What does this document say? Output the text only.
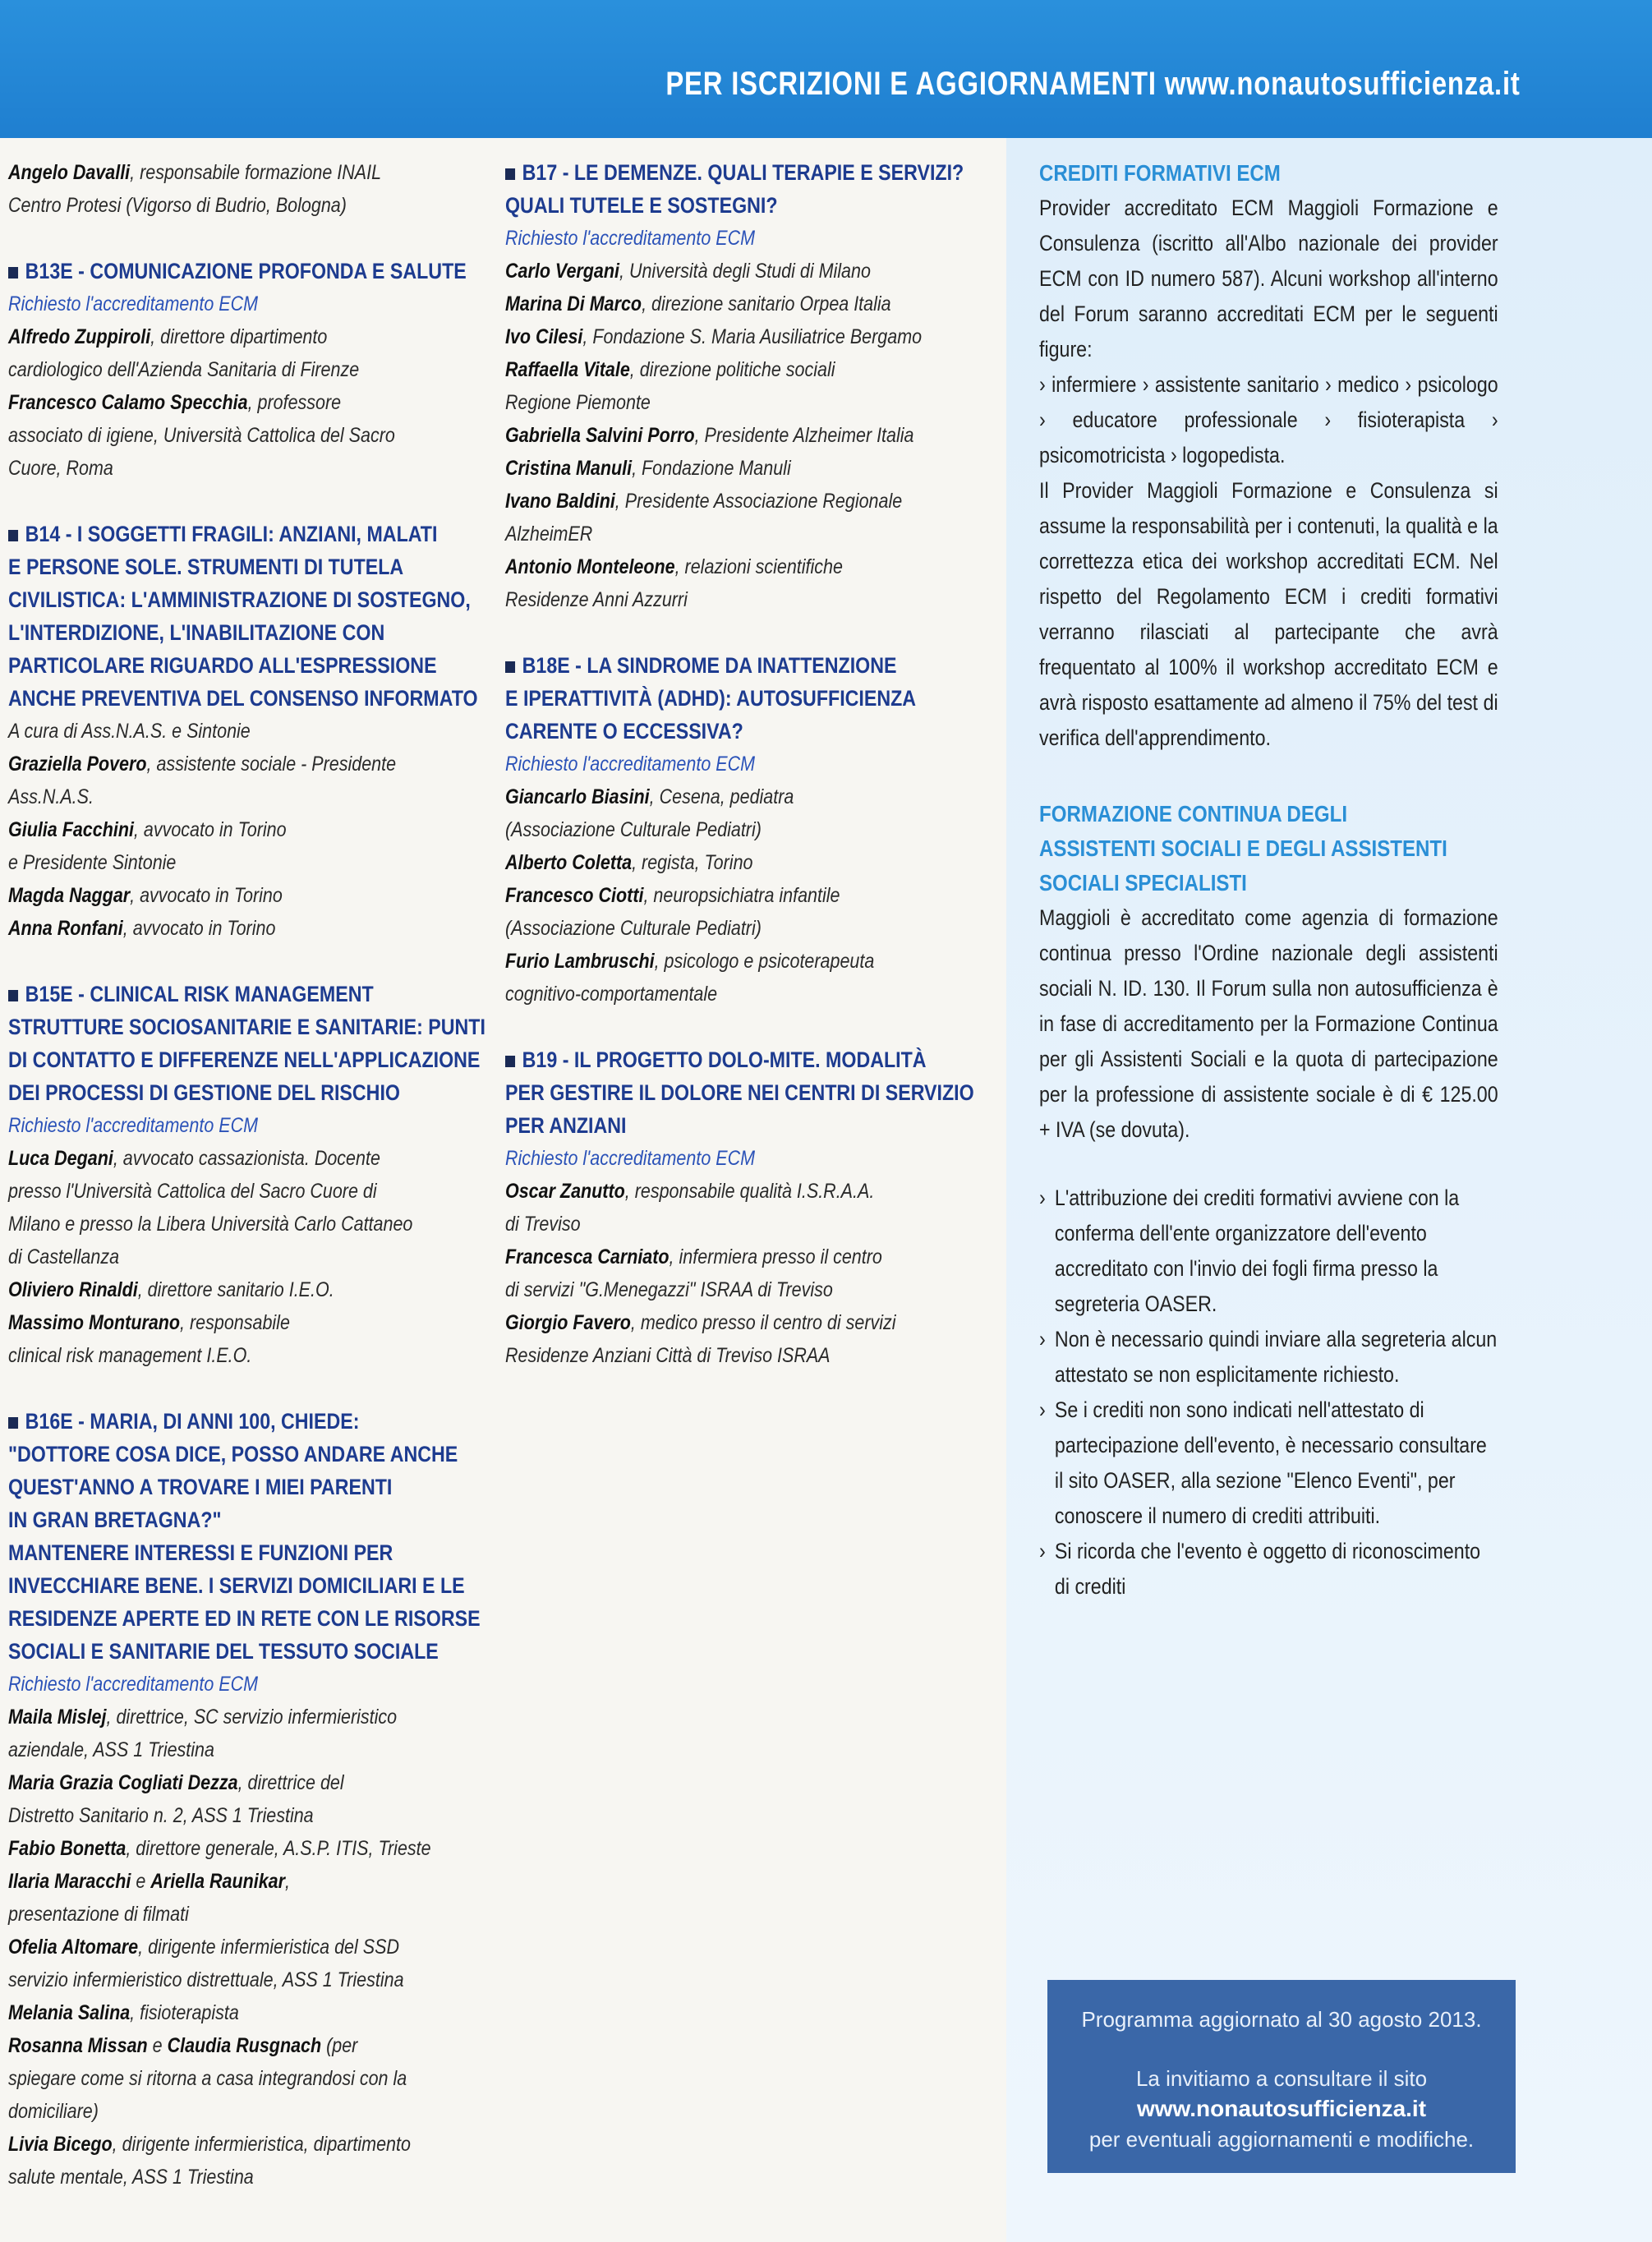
PER ISCRIZIONI E AGGIORNAMENTI www.nonautosufficienza.it
Angelo Davalli, responsabile formazione INAIL
Centro Protesi (Vigorso di Budrio, Bologna)
B13E - COMUNICAZIONE PROFONDA E SALUTE
Richiesto l'accreditamento ECM
Alfredo Zuppiroli, direttore dipartimento
cardiologico dell'Azienda Sanitaria di Firenze
Francesco Calamo Specchia, professore
associato di igiene, Università Cattolica del Sacro
Cuore, Roma
B14 - I SOGGETTI FRAGILI: ANZIANI, MALATI
E PERSONE SOLE. STRUMENTI DI TUTELA
CIVILISTICA: L'AMMINISTRAZIONE DI SOSTEGNO,
L'INTERDIZIONE, L'INABILITAZIONE CON
PARTICOLARE RIGUARDO ALL'ESPRESSIONE
ANCHE PREVENTIVA DEL CONSENSO INFORMATO
A cura di Ass.N.A.S. e Sintonie
Graziella Povero, assistente sociale - Presidente
Ass.N.A.S.
Giulia Facchini, avvocato in Torino
e Presidente Sintonie
Magda Naggar, avvocato in Torino
Anna Ronfani, avvocato in Torino
B15E - CLINICAL RISK MANAGEMENT
STRUTTURE SOCIOSANITARIE E SANITARIE: PUNTI
DI CONTATTO E DIFFERENZE NELL'APPLICAZIONE
DEI PROCESSI DI GESTIONE DEL RISCHIO
Richiesto l'accreditamento ECM
Luca Degani, avvocato cassazionista. Docente
presso l'Università Cattolica del Sacro Cuore di
Milano e presso la Libera Università Carlo Cattaneo
di Castellanza
Oliviero Rinaldi, direttore sanitario I.E.O.
Massimo Monturano, responsabile
clinical risk management I.E.O.
B16E - MARIA, DI ANNI 100, CHIEDE:
"DOTTORE COSA DICE, POSSO ANDARE ANCHE
QUEST'ANNO A TROVARE I MIEI PARENTI
IN GRAN BRETAGNA?"
MANTENERE INTERESSI E FUNZIONI PER
INVECCHIARE BENE. I SERVIZI DOMICILIARI E LE
RESIDENZE APERTE ED IN RETE CON LE RISORSE
SOCIALI E SANITARIE DEL TESSUTO SOCIALE
Richiesto l'accreditamento ECM
Maila Mislej, direttrice, SC servizio infermieristico
aziendale, ASS 1 Triestina
Maria Grazia Cogliati Dezza, direttrice del
Distretto Sanitario n. 2, ASS 1 Triestina
Fabio Bonetta, direttore generale, A.S.P. ITIS, Trieste
Ilaria Maracchi e Ariella Raunikar,
presentazione di filmati
Ofelia Altomare, dirigente infermieristica del SSD
servizio infermieristico distrettuale, ASS 1 Triestina
Melania Salina, fisioterapista
Rosanna Missan e Claudia Rusgnach (per
spiegare come si ritorna a casa integrandosi con la
domiciliare)
Livia Bicego, dirigente infermieristica, dipartimento
salute mentale, ASS 1 Triestina
B17 - LE DEMENZE. QUALI TERAPIE E SERVIZI?
QUALI TUTELE E SOSTEGNI?
Richiesto l'accreditamento ECM
Carlo Vergani, Università degli Studi di Milano
Marina Di Marco, direzione sanitario Orpea Italia
Ivo Cilesi, Fondazione S. Maria Ausiliatrice Bergamo
Raffaella Vitale, direzione politiche sociali
Regione Piemonte
Gabriella Salvini Porro, Presidente Alzheimer Italia
Cristina Manuli, Fondazione Manuli
Ivano Baldini, Presidente Associazione Regionale
AlzheimER
Antonio Monteleone, relazioni scientifiche
Residenze Anni Azzurri
B18E - LA SINDROME DA INATTENZIONE
E IPERATTIVITÀ (ADHD): AUTOSUFFICIENZA
CARENTE O ECCESSIVA?
Richiesto l'accreditamento ECM
Giancarlo Biasini, Cesena, pediatra
(Associazione Culturale Pediatri)
Alberto Coletta, regista, Torino
Francesco Ciotti, neuropsichiatra infantile
(Associazione Culturale Pediatri)
Furio Lambruschi, psicologo e psicoterapeuta
cognitivo-comportamentale
B19 - IL PROGETTO DOLO-MITE. MODALITÀ
PER GESTIRE IL DOLORE NEI CENTRI DI SERVIZIO
PER ANZIANI
Richiesto l'accreditamento ECM
Oscar Zanutto, responsabile qualità I.S.R.A.A.
di Treviso
Francesca Carniato, infermiera presso il centro
di servizi "G.Menegazzi" ISRAA di Treviso
Giorgio Favero, medico presso il centro di servizi
Residenze Anziani Città di Treviso ISRAA
CREDITI FORMATIVI ECM
Provider accreditato ECM Maggioli Formazione e Consulenza (iscritto all'Albo nazionale dei provider ECM con ID numero 587). Alcuni workshop all'interno del Forum saranno accreditati ECM per le seguenti figure:
› infermiere › assistente sanitario › medico › psicologo › educatore professionale › fisioterapista › psicomotricista › logopedista.
Il Provider Maggioli Formazione e Consulenza si assume la responsabilità per i contenuti, la qualità e la correttezza etica dei workshop accreditati ECM. Nel rispetto del Regolamento ECM i crediti formativi verranno rilasciati al partecipante che avrà frequentato al 100% il workshop accreditato ECM e avrà risposto esattamente ad almeno il 75% del test di verifica dell'apprendimento.
FORMAZIONE CONTINUA DEGLI
ASSISTENTI SOCIALI E DEGLI ASSISTENTI
SOCIALI SPECIALISTI
Maggioli è accreditato come agenzia di formazione continua presso l'Ordine nazionale degli assistenti sociali N. ID. 130. Il Forum sulla non autosufficienza è in fase di accreditamento per la Formazione Continua per gli Assistenti Sociali e la quota di partecipazione per la professione di assistente sociale è di € 125.00 + IVA (se dovuta).
› L'attribuzione dei crediti formativi avviene con la conferma dell'ente organizzatore dell'evento accreditato con l'invio dei fogli firma presso la segreteria OASER.
› Non è necessario quindi inviare alla segreteria alcun attestato se non esplicitamente richiesto.
› Se i crediti non sono indicati nell'attestato di partecipazione dell'evento, è necessario consultare il sito OASER, alla sezione "Elenco Eventi", per conoscere il numero di crediti attribuiti.
› Si ricorda che l'evento è oggetto di riconoscimento di crediti
Programma aggiornato al 30 agosto 2013.
La invitiamo a consultare il sito
www.nonautosufficienza.it
per eventuali aggiornamenti e modifiche.
